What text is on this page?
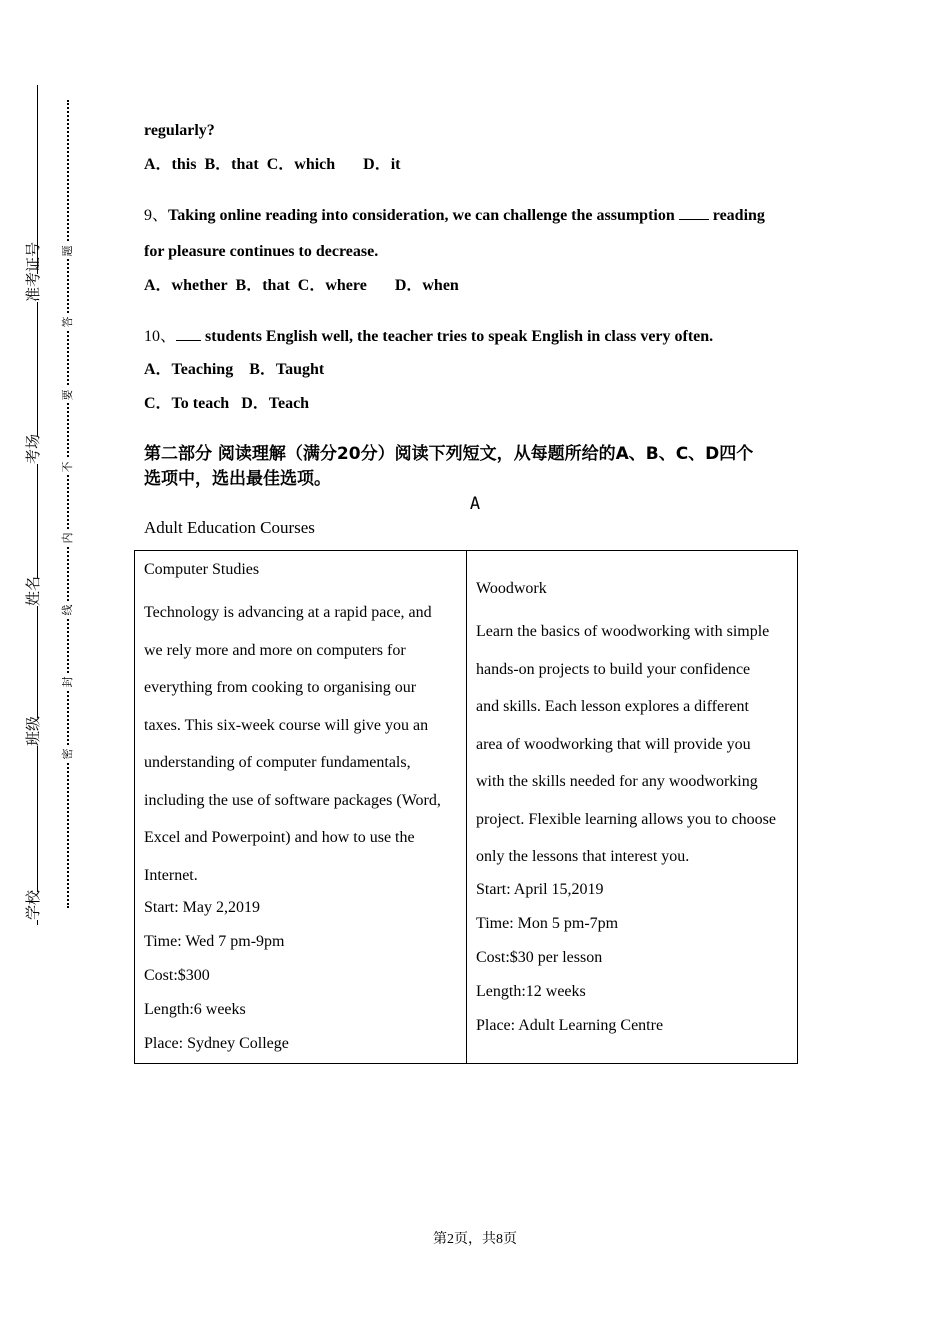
准考证号
考场
姓名
班级
学校
题
答
要
不
内
线
封
密
regularly?
A．this B．that C．which D．it
9、Taking online reading into consideration, we can challenge the assumption reading
for pleasure continues to decrease.
A．whether B．that C．where D．when
10、 students English well, the teacher tries to speak English in class very often.
A．Teaching B．Taught
C．To teach D．Teach
第二部分 阅读理解（满分20分）阅读下列短文，从每题所给的A、B、C、D四个
选项中，选出最佳选项。
A
Adult Education Courses
Computer Studies
Technology is advancing at a rapid pace, and
we rely more and more on computers for
everything from cooking to organising our
taxes. This six-week course will give you an
understanding of computer fundamentals,
including the use of software packages (Word,
Excel and Powerpoint) and how to use the
Internet.
Start: May 2,2019
Time: Wed 7 pm-9pm
Cost:$300
Length:6 weeks
Place: Sydney College
Woodwork
Learn the basics of woodworking with simple
hands-on projects to build your confidence
and skills. Each lesson explores a different
area of woodworking that will provide you
with the skills needed for any woodworking
project. Flexible learning allows you to choose
only the lessons that interest you.
Start: April 15,2019
Time: Mon 5 pm-7pm
Cost:$30 per lesson
Length:12 weeks
Place: Adult Learning Centre
第2页，共8页
